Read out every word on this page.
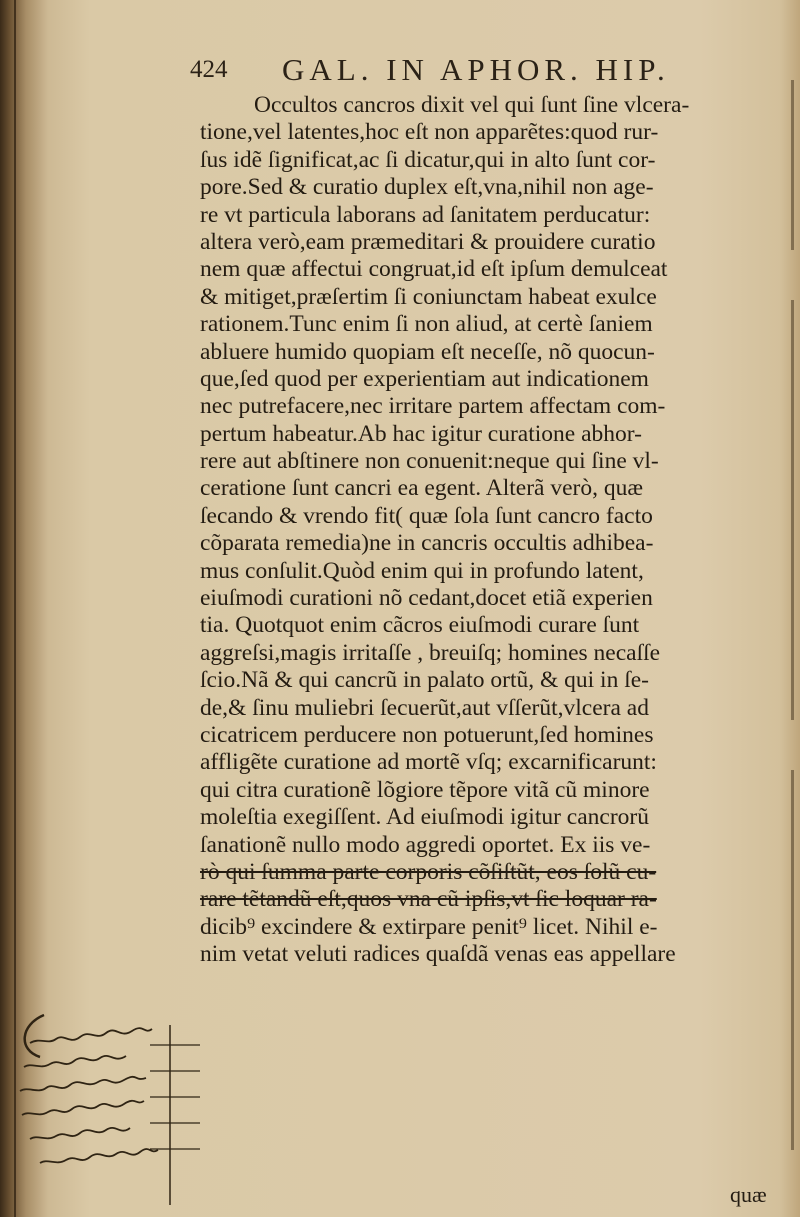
424 GAL. IN APHOR. HIP.
Occultos cancros dixit vel qui ſunt ſine vlcera-
tione,vel latentes,hoc eſt non apparẽtes:quod rur-
ſus idẽ ſignificat,ac ſi dicatur,qui in alto ſunt cor-
pore.Sed & curatio duplex eſt,vna,nihil non age-
re vt particula laborans ad ſanitatem perducatur:
altera verò,eam præmeditari & prouidere curatio
nem quæ affectui congruat,id eſt ipſum demulceat
& mitiget,præſertim ſi coniunctam habeat exulce
rationem.Tunc enim ſi non aliud, at certè ſaniem
abluere humido quopiam eſt neceſſe, nõ quocun-
que,ſed quod per experientiam aut indicationem
nec putrefacere,nec irritare partem affectam com-
pertum habeatur.Ab hac igitur curatione abhor-
rere aut abſtinere non conuenit:neque qui ſine vl-
ceratione ſunt cancri ea egent. Alterã verò, quæ
ſecando & vrendo fit( quæ ſola ſunt cancro facto
cõparata remedia)ne in cancris occultis adhibea-
mus conſulit.Quòd enim qui in profundo latent,
eiuſmodi curationi nõ cedant,docet etiã experien
tia. Quotquot enim cãcros eiuſmodi curare ſunt
aggreſsi,magis irritaſſe , breuiſq; homines necaſſe
ſcio.Nã & qui cancrũ in palato ortũ, & qui in ſe-
de,& ſinu muliebri ſecuerũt,aut vſſerũt,vlcera ad
cicatricem perducere non potuerunt,ſed homines
affligẽte curatione ad mortẽ vſq; excarnificarunt:
qui citra curationẽ lõgiore tẽpore vitã cũ minore
moleſtia exegiſſent. Ad eiuſmodi igitur cancrorũ
ſanationẽ nullo modo aggredi oportet. Ex iis ve-
rò qui ſumma parte corporis cõſiſtũt, eos ſolũ cu-
rare tẽtandũ eſt,quos vna cũ ipſis,vt ſic loquar ra-
dicib⁹ excindere & extirpare penit⁹ licet. Nihil e-
nim vetat veluti radices quaſdã venas eas appellare
quæ
